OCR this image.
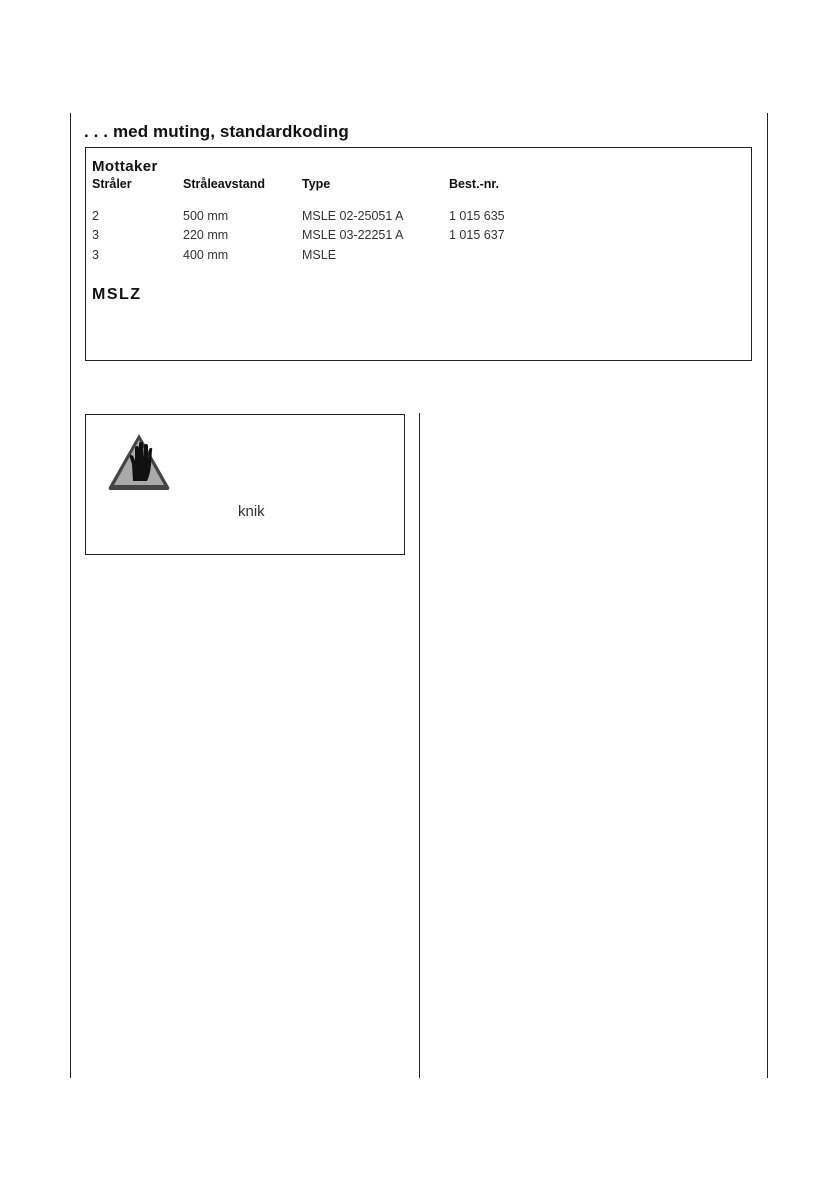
. . . med muting, standardkoding
Mottaker
Stråler	Stråleavstand	Type	Best.-nr.
2	500 mm	MSLE 02-25051 A	1 015 635
3	220 mm	MSLE 03-22251 A	1 015 637
3	400 mm	MSLE
MSLZ
knik
